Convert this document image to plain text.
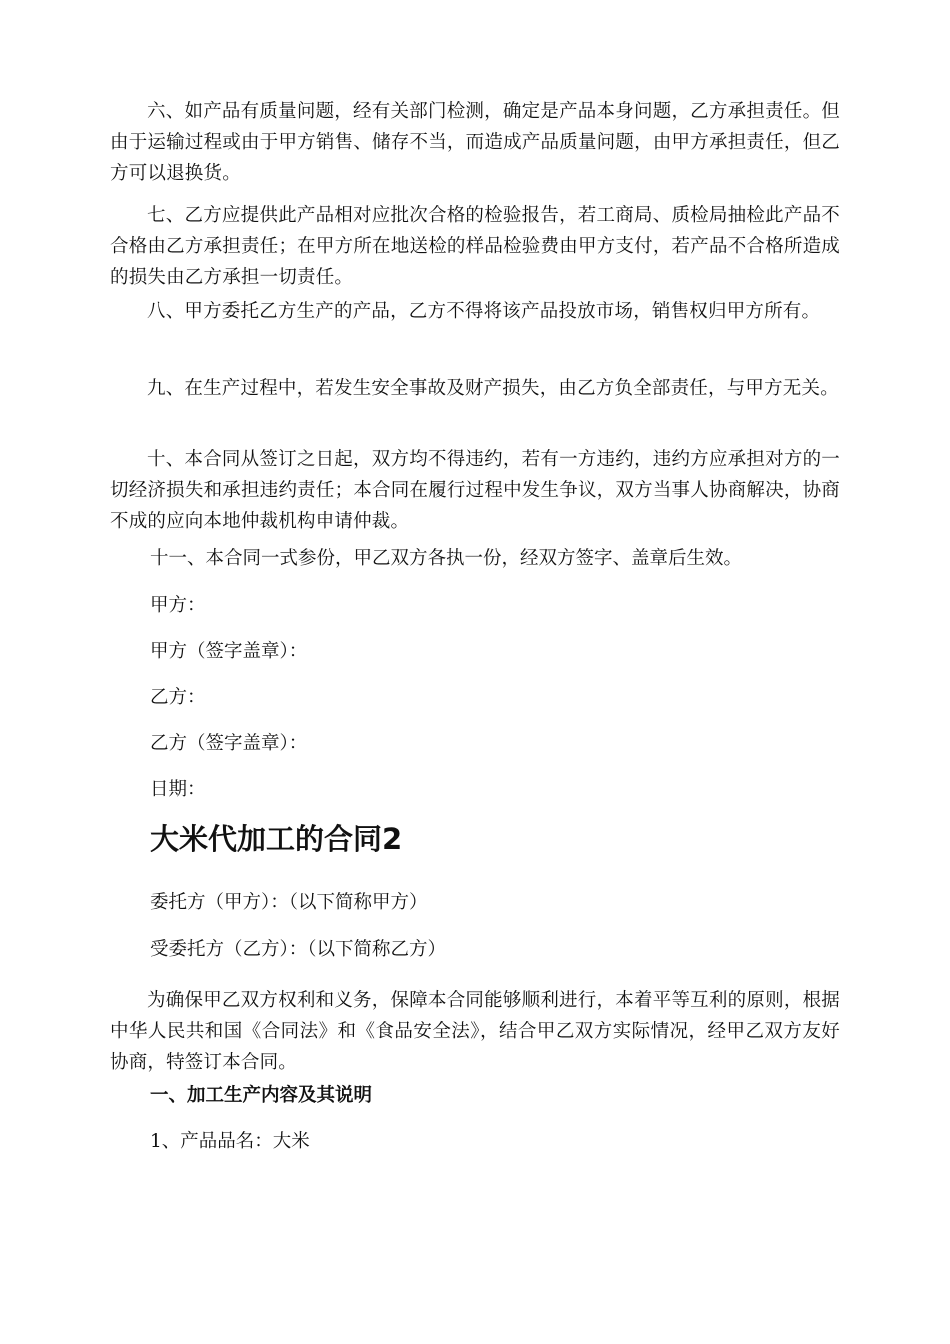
六、如产品有质量问题，经有关部门检测，确定是产品本身问题，乙方承担责任。但由于运输过程或由于甲方销售、储存不当，而造成产品质量问题，由甲方承担责任，但乙方可以退换货。

七、乙方应提供此产品相对应批次合格的检验报告，若工商局、质检局抽检此产品不合格由乙方承担责任；在甲方所在地送检的样品检验费由甲方支付，若产品不合格所造成的损失由乙方承担一切责任。

八、甲方委托乙方生产的产品，乙方不得将该产品投放市场，销售权归甲方所有。

九、在生产过程中，若发生安全事故及财产损失，由乙方负全部责任，与甲方无关。

十、本合同从签订之日起，双方均不得违约，若有一方违约，违约方应承担对方的一切经济损失和承担违约责任；本合同在履行过程中发生争议，双方当事人协商解决，协商不成的应向本地仲裁机构申请仲裁。

十一、本合同一式参份，甲乙双方各执一份，经双方签字、盖章后生效。
甲方：
甲方（签字盖章）：
乙方：
乙方（签字盖章）：
日期：
大米代加工的合同2
委托方（甲方）：（以下简称甲方）
受委托方（乙方）：（以下简称乙方）

为确保甲乙双方权利和义务，保障本合同能够顺利进行，本着平等互利的原则，根据中华人民共和国《合同法》和《食品安全法》，结合甲乙双方实际情况，经甲乙双方友好协商，特签订本合同。

一、加工生产内容及其说明
1、产品品名：大米
